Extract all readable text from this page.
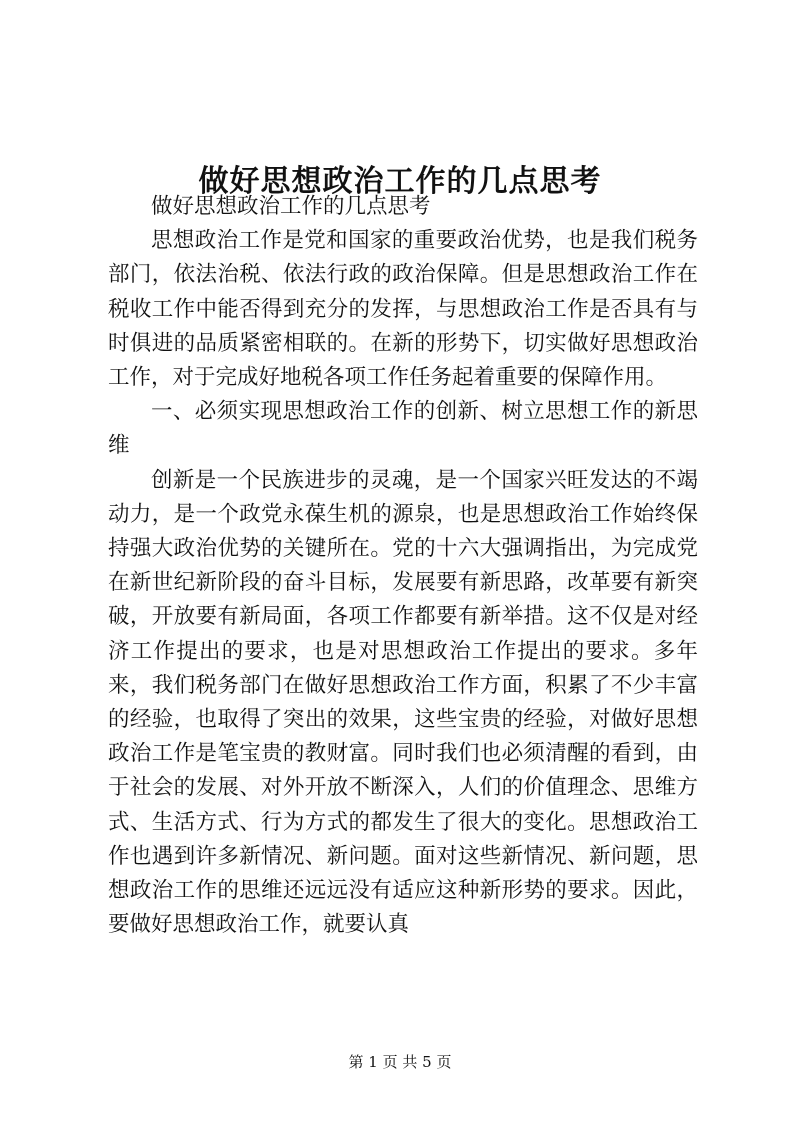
做好思想政治工作的几点思考

做好思想政治工作的几点思考

思想政治工作是党和国家的重要政治优势，也是我们税务部门，依法治税、依法行政的政治保障。但是思想政治工作在税收工作中能否得到充分的发挥，与思想政治工作是否具有与时俱进的品质紧密相联的。在新的形势下，切实做好思想政治工作，对于完成好地税各项工作任务起着重要的保障作用。

一、必须实现思想政治工作的创新、树立思想工作的新思维

创新是一个民族进步的灵魂，是一个国家兴旺发达的不竭动力，是一个政党永葆生机的源泉，也是思想政治工作始终保持强大政治优势的关键所在。党的十六大强调指出，为完成党在新世纪新阶段的奋斗目标，发展要有新思路，改革要有新突破，开放要有新局面，各项工作都要有新举措。这不仅是对经济工作提出的要求，也是对思想政治工作提出的要求。多年来，我们税务部门在做好思想政治工作方面，积累了不少丰富的经验，也取得了突出的效果，这些宝贵的经验，对做好思想政治工作是笔宝贵的教财富。同时我们也必须清醒的看到，由于社会的发展、对外开放不断深入，人们的价值理念、思维方式、生活方式、行为方式的都发生了很大的变化。思想政治工作也遇到许多新情况、新问题。面对这些新情况、新问题，思想政治工作的思维还远远没有适应这种新形势的要求。因此，要做好思想政治工作，就要认真

第 1 页 共 5 页
